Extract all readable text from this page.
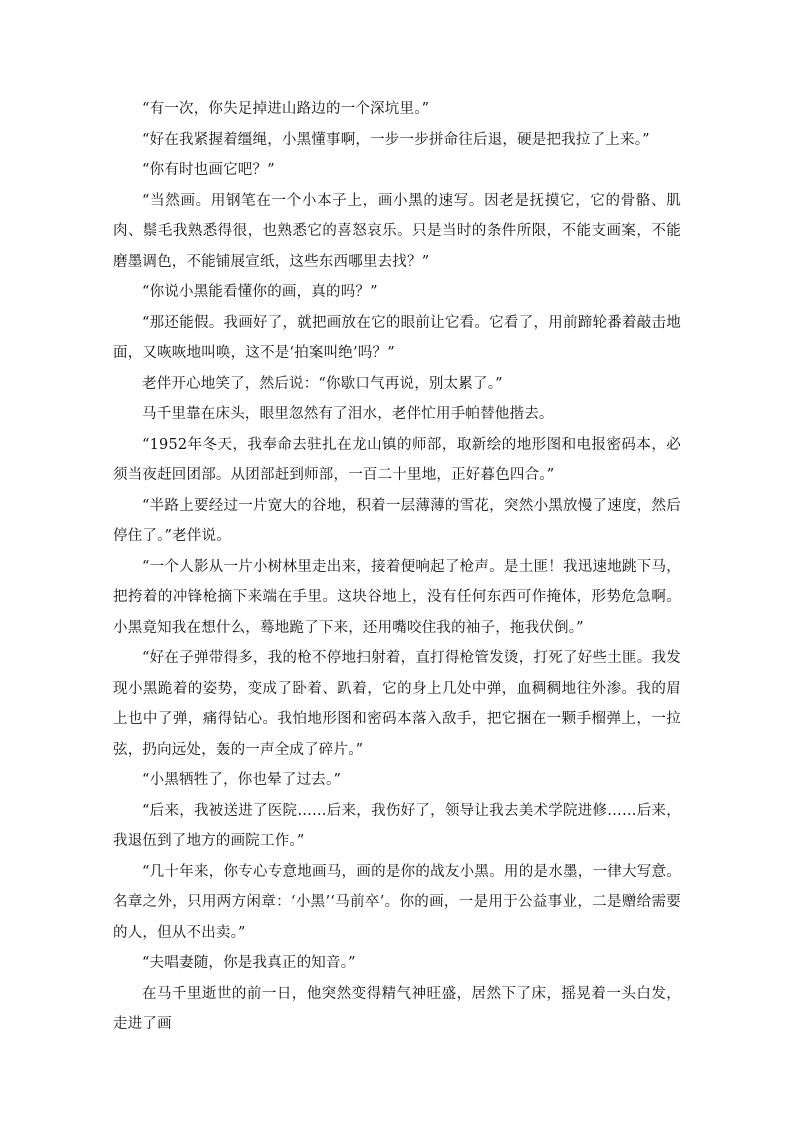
“有一次，你失足掉进山路边的一个深坑里。”

“好在我紧握着缰绳，小黑懂事啊，一步一步拼命往后退，硬是把我拉了上来。”

“你有时也画它吧？”

“当然画。用钢笔在一个小本子上，画小黑的速写。因老是抚摸它，它的骨骼、肌肉、鬃毛我熟悉得很，也熟悉它的喜怒哀乐。只是当时的条件所限，不能支画案，不能磨墨调色，不能铺展宣纸，这些东西哪里去找？”

“你说小黑能看懂你的画，真的吗？”

“那还能假。我画好了，就把画放在它的眼前让它看。它看了，用前蹄轮番着敲击地面，又咴咴地叫唤，这不是‘拍案叫绝’吗？”

老伴开心地笑了，然后说：“你歇口气再说，别太累了。”

马千里靠在床头，眼里忽然有了泪水，老伴忙用手帕替他揩去。

“1952年冬天，我奉命去驻扎在龙山镇的师部，取新绘的地形图和电报密码本，必须当夜赶回团部。从团部赶到师部，一百二十里地，正好暮色四合。”

“半路上要经过一片宽大的谷地，积着一层薄薄的雪花，突然小黑放慢了速度，然后停住了。”老伴说。

“一个人影从一片小树林里走出来，接着便响起了枪声。是土匪！我迅速地跳下马，把挎着的冲锋枪摘下来端在手里。这块谷地上，没有任何东西可作掩体，形势危急啊。小黑竟知我在想什么，蓦地跪了下来，还用嘴咬住我的袖子，拖我伏倒。”

“好在子弹带得多，我的枪不停地扫射着，直打得枪管发烫，打死了好些土匪。我发现小黑跪着的姿势，变成了卧着、趴着，它的身上几处中弹，血稠稠地往外渗。我的眉上也中了弹，痛得钻心。我怕地形图和密码本落入敌手，把它捆在一颗手榴弹上，一拉弦，扔向远处，轰的一声全成了碎片。”

“小黑牺牲了，你也晕了过去。”

“后来，我被送进了医院……后来，我伤好了，领导让我去美术学院进修……后来，我退伍到了地方的画院工作。”

“几十年来，你专心专意地画马，画的是你的战友小黑。用的是水墨，一律大写意。名章之外，只用两方闲章：‘小黑’‘马前卒’。你的画，一是用于公益事业，二是赠给需要的人，但从不出卖。”

“夫唱妻随，你是我真正的知音。”

在马千里逝世的前一日，他突然变得精气神旺盛，居然下了床，摇晃着一头白发，走进了画
